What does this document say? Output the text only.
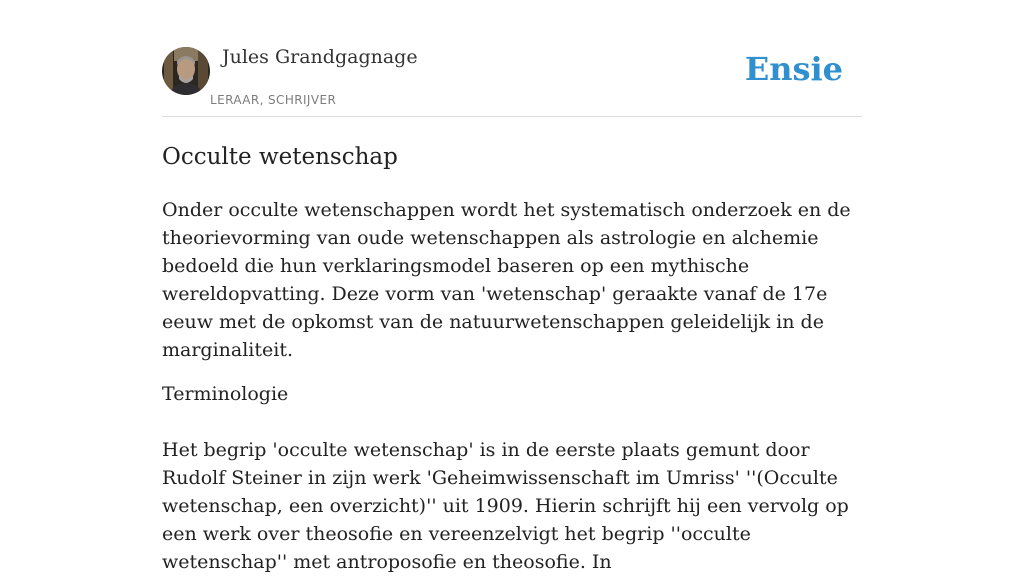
Jules Grandgagnage
LERAAR, SCHRIJVER
Ensie
Occulte wetenschap

Onder occulte wetenschappen wordt het systematisch onderzoek en de theorievorming van oude wetenschappen als astrologie en alchemie bedoeld die hun verklaringsmodel baseren op een mythische wereldopvatting. Deze vorm van 'wetenschap' geraakte vanaf de 17e eeuw met de opkomst van de natuurwetenschappen geleidelijk in de marginaliteit.

Terminologie

Het begrip 'occulte wetenschap' is in de eerste plaats gemunt door Rudolf Steiner in zijn werk 'Geheimwissenschaft im Umriss' ''(Occulte wetenschap, een overzicht)'' uit 1909. Hierin schrijft hij een vervolg op een werk over theosofie en vereenzelvigt het begrip ''occulte wetenschap'' met antroposofie en theosofie. In
